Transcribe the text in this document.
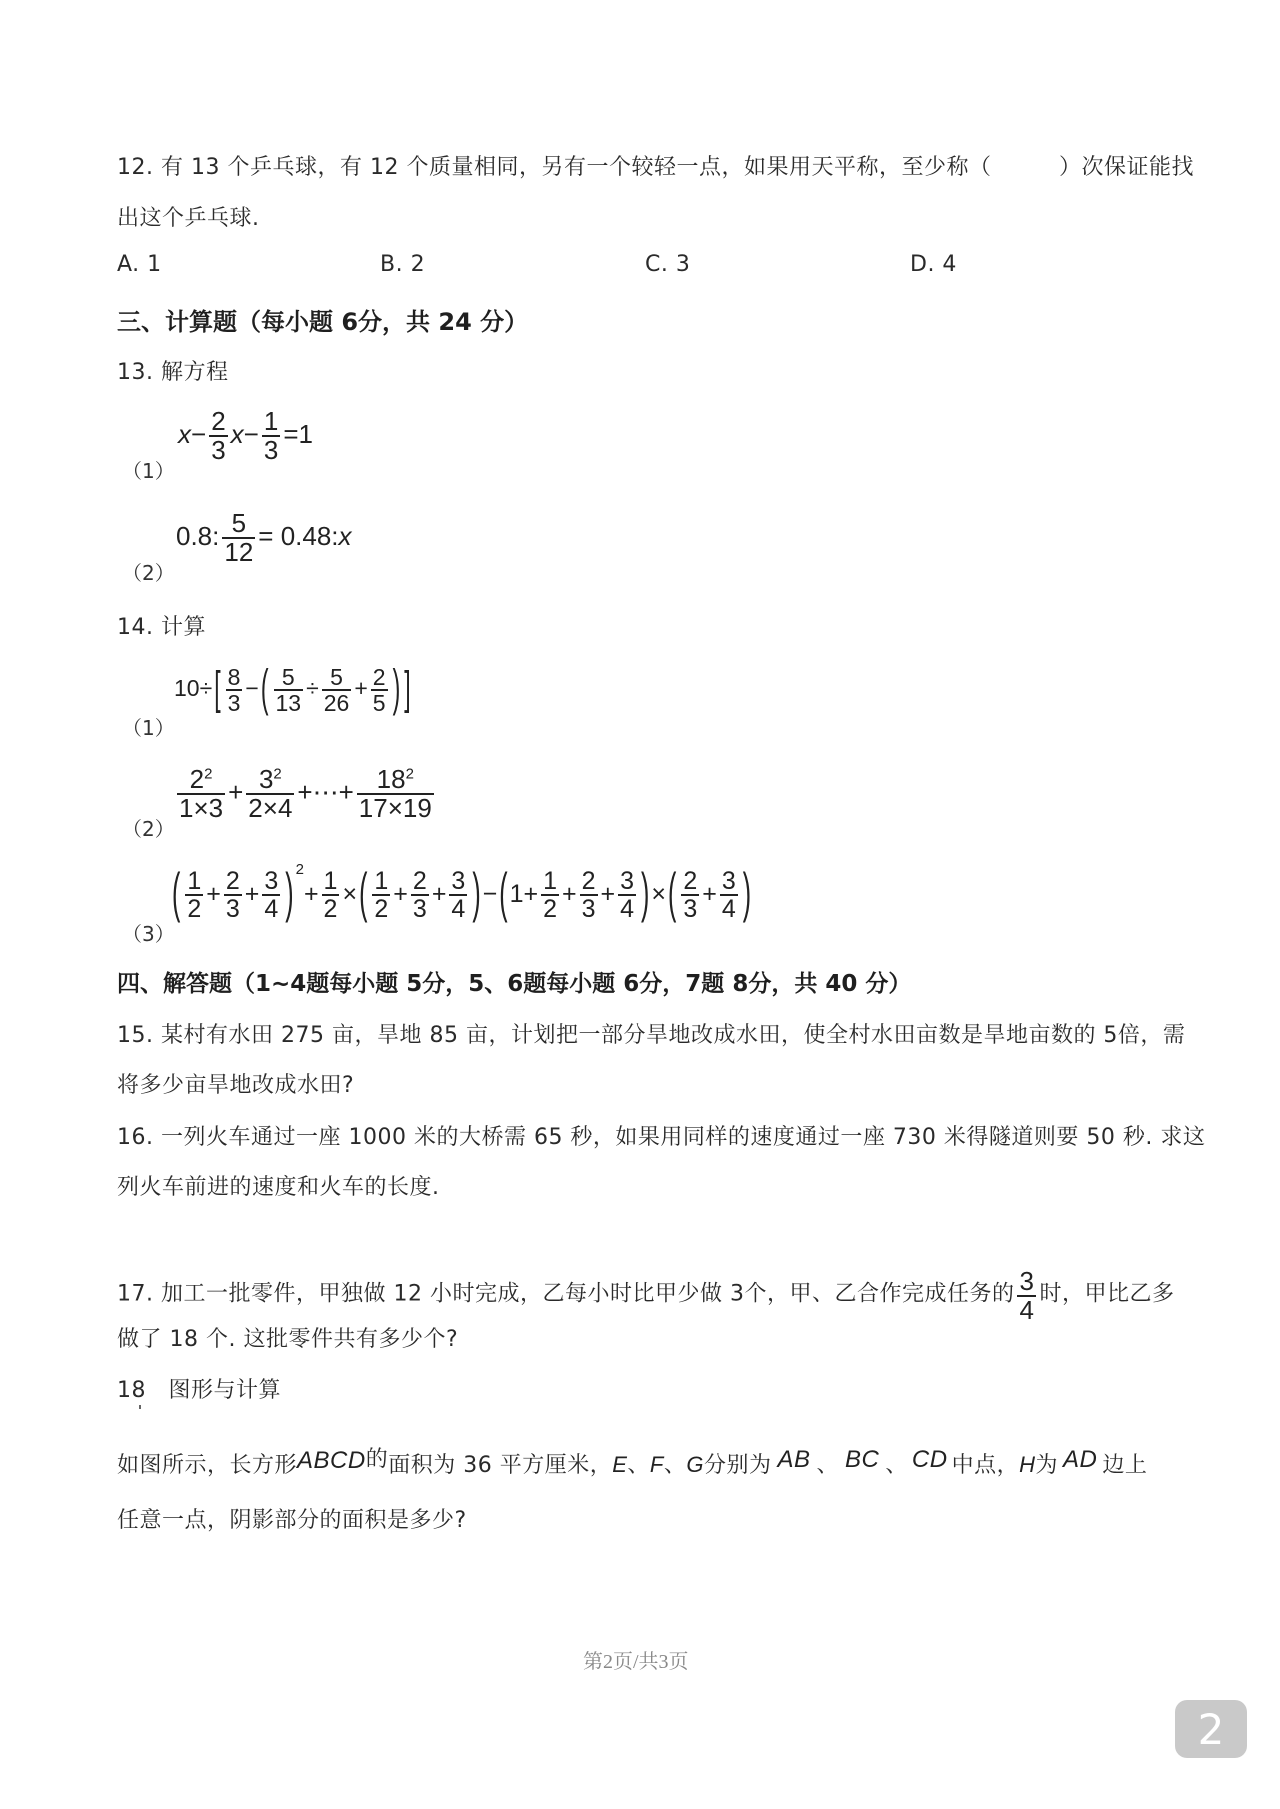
12. 有 13 个乒乓球，有 12 个质量相同，另有一个较轻一点，如果用天平称，至少称（　　　）次保证能找
出这个乒乓球.
A. 1	B. 2	C. 3	D. 4
三、计算题（每小题 6分，共 24 分）
13. 解方程
（1）
$x- \frac{2}{3} x- \frac{1}{3} =1$
（2）
0.8: $\frac{5}{12}$ = 0.48:x
14. 计算
（1）
$10\div[ \frac{8}{3}$ −( $\frac{5}{13} \div \frac{5}{26} + \frac{2}{5}$ ) ]
（2）
$\frac{2^2}{1\times 3} + \frac{3^2}{2\times 4}$ +⋯+ $\frac{18^2}{17\times 19}$
（3）
( $\frac{1}{2} + \frac{2}{3} + \frac{3}{4}$ ) $^2+ \frac{1}{2}$ ×( $\frac{1}{2} + \frac{2}{3} + \frac{3}{4} )-(1+ \frac{1}{2} + \frac{2}{3} + \frac{3}{4}$ )×( $\frac{2}{3} + \frac{3}{4}$ )
四、解答题（1~4题每小题 5分，5、6题每小题 6分，7题 8分，共 40 分）
15. 某村有水田 275 亩，旱地 85 亩，计划把一部分旱地改成水田，使全村水田亩数是旱地亩数的 5倍，需
将多少亩旱地改成水田?
16. 一列火车通过一座 1000 米的大桥需 65 秒，如果用同样的速度通过一座 730 米得隧道则要 50 秒. 求这
列火车前进的速度和火车的长度.
17. 加工一批零件，甲独做 12 小时完成，乙每小时比甲少做 3个，甲、乙合作完成任务的 $\frac{3}{4}$ 时，甲比乙多
做了 18 个. 这批零件共有多少个?
18　图形与计算
如图所示，长方形ABCD的面积为 36 平方厘米，E、F、G分别为 AB 、 BC 、 CD 中点，H为 AD 边上
任意一点，阴影部分的面积是多少?
第2页/共3页
2
